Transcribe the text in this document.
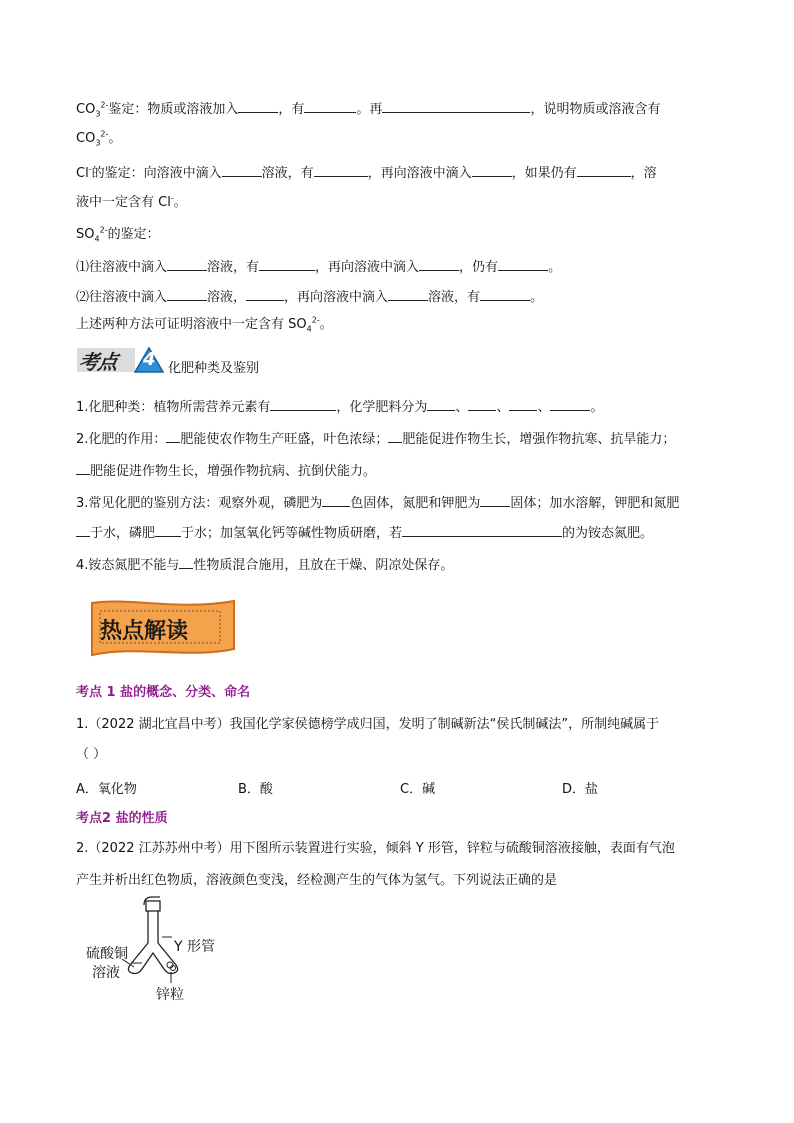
$CO_3^{2-}$鉴定：物质或溶液加入	，有	。再	，说明物质或溶液含有
$CO_3^{2-}$。
Cl-的鉴定：向溶液中滴入	溶液，有	，再向溶液中滴入	，如果仍有	，溶
液中一定含有 Cl-。
$SO_4^{2-}$的鉴定：
⑴往溶液中滴入	溶液，有	，再向溶液中滴入	，仍有	。
⑵往溶液中滴入	溶液，	，再向溶液中滴入	溶液，有	。
上述两种方法可证明溶液中一定含有 $SO_4^{2-}$。
考点 4 化肥种类及鉴别
1.化肥种类：植物所需营养元素有	，化学肥料分为 、 、 、	。
2.化肥的作用： 肥能使农作物生产旺盛，叶色浓绿； 肥能促进作物生长，增强作物抗寒、抗旱能力；
肥能促进作物生长，增强作物抗病、抗倒伏能力。
3.常见化肥的鉴别方法：观察外观，磷肥为 色固体，氮肥和钾肥为 固体；加水溶解，钾肥和氮肥
于水，磷肥 于水；加氢氧化钙等碱性物质研磨，若	的为铵态氮肥。
4.铵态氮肥不能与 性物质混合施用，且放在干燥、阴凉处保存。
热点解读
考点 1 盐的概念、分类、命名
1.（2022 湖北宜昌中考）我国化学家侯德榜学成归国，发明了制碱新法“侯氏制碱法”，所制纯碱属于
（ ）
A．氧化物	B．酸	C．碱	D．盐
考点2 盐的性质
2.（2022 江苏苏州中考）用下图所示装置进行实验，倾斜 Y 形管，锌粒与硫酸铜溶液接触，表面有气泡
产生并析出红色物质，溶液颜色变浅，经检测产生的气体为氢气。下列说法正确的是
硫酸铜
溶液
Y 形管
锌粒
